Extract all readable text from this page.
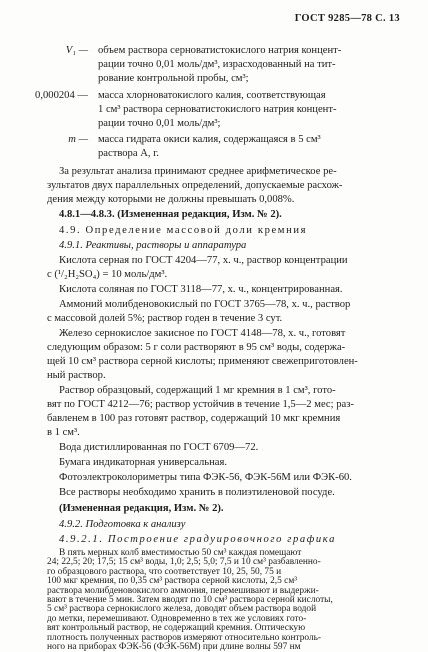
ГОСТ 9285—78 С. 13
V₁ — объем раствора серноватистокислого натрия концент-
рации точно 0,01 моль/дм³, израсходованный на тит-
рование контрольной пробы, см³;
0,000204 — масса хлорноватокислого калия, соответствующая
1 см³ раствора серноватистокислого натрия концент-
рации точно 0,01 моль/дм³;
m — масса гидрата окиси калия, содержащаяся в 5 см³
раствора А, г.
За результат анализа принимают среднее арифметическое ре-
зультатов двух параллельных определений, допускаемые расхож-
дения между которыми не должны превышать 0,008%.
4.8.1—4.8.3. (Измененная редакция, Изм. № 2).
4.9. Определение массовой доли кремния
4.9.1. Реактивы, растворы и аппаратура
Кислота серная по ГОСТ 4204—77, х. ч., раствор концентрации
c (¹/₂H₂SO₄) = 10 моль/дм³.
Кислота соляная по ГОСТ 3118—77, х. ч., концентрированная.
Аммоний молибденовокислый по ГОСТ 3765—78, х. ч., раствор
с массовой долей 5%; раствор годен в течение 3 сут.
Железо сернокислое закисное по ГОСТ 4148—78, х. ч., готовят
следующим образом: 5 г соли растворяют в 95 см³ воды, содержа-
щей 10 см³ раствора серной кислоты; применяют свежеприготовлен-
ный раствор.
Раствор образцовый, содержащий 1 мг кремния в 1 см³, гото-
вят по ГОСТ 4212—76; раствор устойчив в течение 1,5—2 мес; раз-
бавленем в 100 раз готовят раствор, содержащий 10 мкг кремния
в 1 см³.
Вода дистиллированная по ГОСТ 6709—72.
Бумага индикаторная универсальная.
Фотоэлектроколориметры типа ФЭК-56, ФЭК-56М или ФЭК-60.
Все растворы необходимо хранить в полиэтиленовой посуде.
(Измененная редакция, Изм. № 2).
4.9.2. Подготовка к анализу
4.9.2.1. Построение градуировочного графика
В пять мерных колб вместимостью 50 см³ каждая помещают
24; 22,5; 20; 17,5; 15 см³ воды, 1,0; 2,5; 5,0; 7,5 и 10 см³ разбавленно-
го образцового раствора, что соответствует 10, 25, 50, 75 и
100 мкг кремния, по 0,35 см³ раствора серной кислоты, 2,5 см³
раствора молибденовокислого аммония, перемешивают и выдержи-
вают в течение 5 мин. Затем вводят по 10 см³ раствора серной кислоты,
5 см³ раствора сернокислого железа, доводят объем раствора водой
до метки, перемешивают. Одновременно в тех же условиях гото-
вят контрольный раствор, не содержащий кремния. Оптическую
плотность полученных растворов измеряют относительно контроль-
ного на приборах ФЭК-56 (ФЭК-56М) при длине волны 597 нм
